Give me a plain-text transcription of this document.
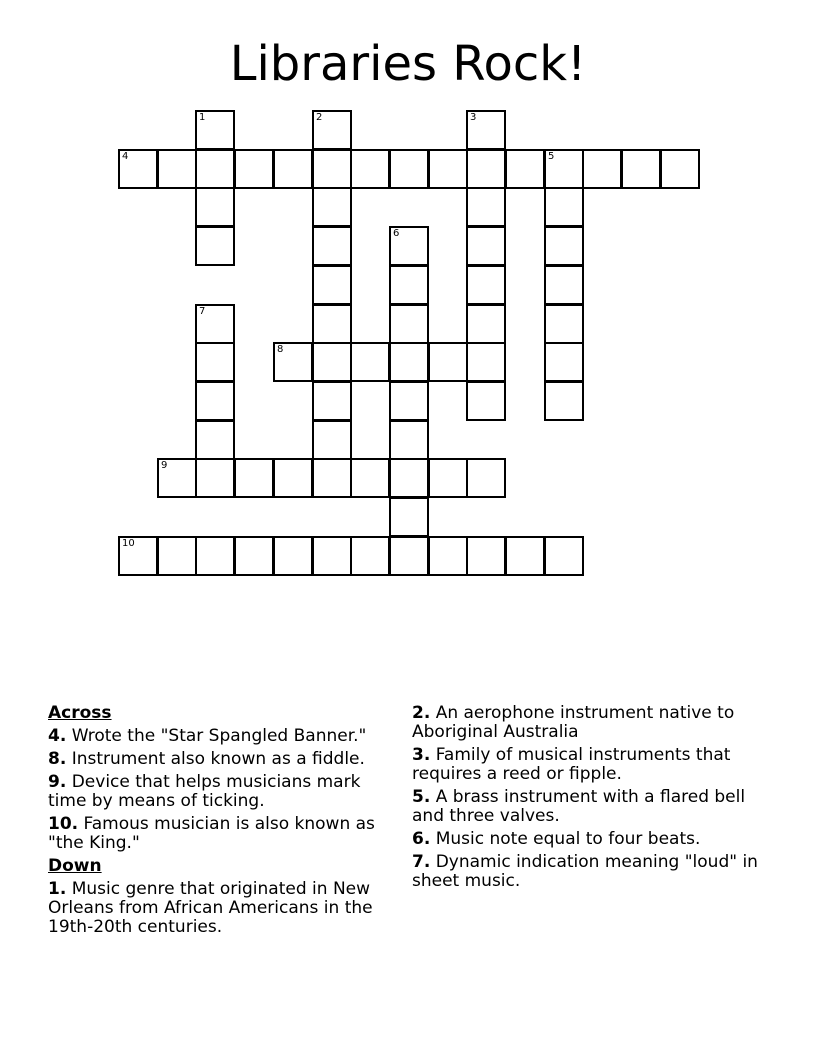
Libraries Rock!
1	2	3
4	5
6
7
8
9
10
Across
4. Wrote the "Star Spangled Banner."
8. Instrument also known as a fiddle.
9. Device that helps musicians mark time by means of ticking.
10. Famous musician is also known as "the King."
Down
1. Music genre that originated in New Orleans from African Americans in the 19th-20th centuries.
2. An aerophone instrument native to Aboriginal Australia
3. Family of musical instruments that requires a reed or fipple.
5. A brass instrument with a flared bell and three valves.
6. Music note equal to four beats.
7. Dynamic indication meaning "loud" in sheet music.
